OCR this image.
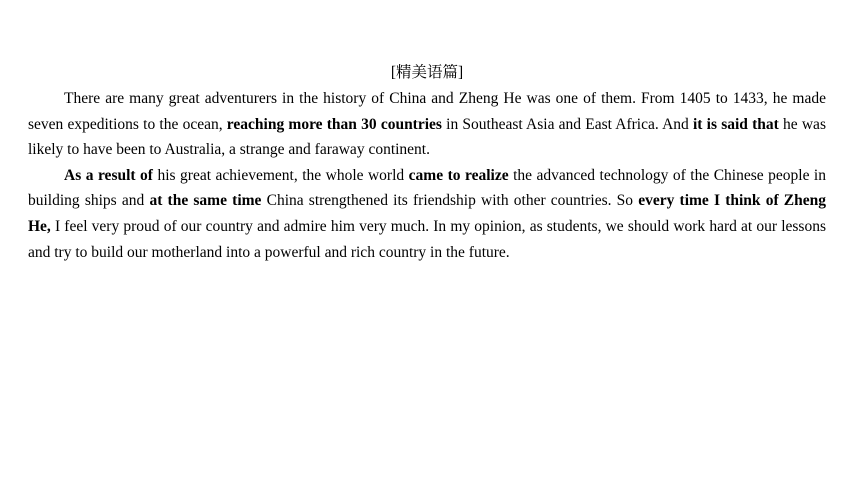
[精美语篇]

There are many great adventurers in the history of China and Zheng He was one of them. From 1405 to 1433, he made seven expeditions to the ocean, reaching more than 30 countries in Southeast Asia and East Africa. And it is said that he was likely to have been to Australia, a strange and faraway continent.

As a result of his great achievement, the whole world came to realize the advanced technology of the Chinese people in building ships and at the same time China strengthened its friendship with other countries. So every time I think of Zheng He, I feel very proud of our country and admire him very much. In my opinion, as students, we should work hard at our lessons and try to build our motherland into a powerful and rich country in the future.
